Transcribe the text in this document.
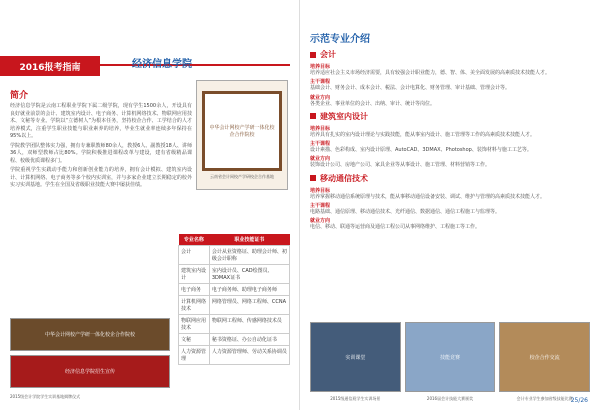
2016报考指南	经济信息学院
简介

经济信息学院是云南工程职业学院下属二级学院，现有学生1500余人，开设具有良好就业前景的会计、建筑室内设计、电子商务、计算机网络技术、物联网应用技术、文秘等专业。学院以“立德树人”为根本任务，坚持校企合作、工学结合的人才培养模式，注重学生职业技能与职业素养的培养，毕业生就业率连续多年保持在95%以上。

学院教学团队整体实力强，拥有专兼职教师80余人，教授6人、副教授18人、讲师36人，双师型教师占比80%。学院积极推进课程改革与建设，建有省级精品课程、校级优质课程多门。

学院重视学生实践动手能力和创新创业能力的培养，拥有会计模拟、建筑室内设计、计算机网络、电子商务等多个校内实训室，并与多家企业建立长期稳定的校外实习实训基地。学生在全国及省级职业技能大赛中屡获佳绩。

中华会计网校产学研一体化校企合作院校
云南省会计网校产学研校企合作基地
专业名称	职业技能证书
会计	会计从业资格证、助理会计师、初级会计职称
建筑室内设计	室内设计员、CAD绘图员、3DMAX证书
电子商务	电子商务师、助理电子商务师
计算机网络技术	网络管理员、网络工程师、CCNA
物联网应用技术	物联网工程师、传感网络技术员
文秘	秘书资格证、办公自动化证书
人力资源管理	人力资源管理师、劳动关系协调员
中华会计网校产学研一体化校企合作院校
经济信息学院招生宣传
2015级会计学院学生实训基地揭牌仪式
示范专业介绍
会计
培养目标

培养适应社会主义市场经济需要，具有较强会计职业能力，德、智、体、美全面发展的高素质技术技能人才。

主干课程

基础会计、财务会计、成本会计、税法、会计电算化、财务管理、审计基础、管理会计等。

就业方向

各类企业、事业单位的会计、出纳、审计、统计等岗位。

建筑室内设计
培养目标

培养具有扎实的室内设计理论与实践技能，能从事室内设计、施工管理等工作的高素质技术技能人才。

主干课程

设计素描、色彩构成、室内设计原理、AutoCAD、3DMAX、Photoshop、装饰材料与施工工艺等。

就业方向

装饰设计公司、房地产公司、家具企业等从事设计、施工管理、材料营销等工作。

移动通信技术
培养目标

培养掌握移动通信系统原理与技术，能从事移动通信设备安装、调试、维护与管理的高素质技术技能人才。

主干课程

电路基础、通信原理、移动通信技术、光纤通信、数据通信、通信工程施工与监理等。

就业方向

电信、移动、联通等运营商及通信工程公司从事网络维护、工程施工等工作。

实训课堂	技能竞赛	校企合作交流
2015级通信班学生实训场景	2016届会计技能大赛颁奖	会计专业学生参加省级技能比赛
25/26
